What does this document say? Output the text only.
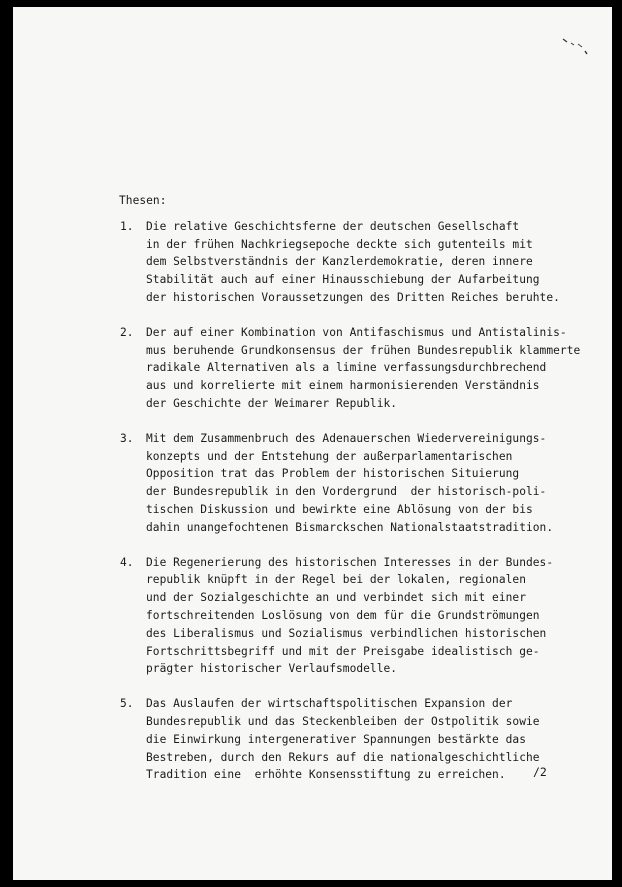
Thesen:
1. Die relative Geschichtsferne der deutschen Gesellschaft
in der frühen Nachkriegsepoche deckte sich gutenteils mit
dem Selbstverständnis der Kanzlerdemokratie, deren innere
Stabilität auch auf einer Hinausschiebung der Aufarbeitung
der historischen Voraussetzungen des Dritten Reiches beruhte.
2. Der auf einer Kombination von Antifaschismus und Antistalinis-
mus beruhende Grundkonsensus der frühen Bundesrepublik klammerte
radikale Alternativen als a limine verfassungsdurchbrechend
aus und korrelierte mit einem harmonisierenden Verständnis
der Geschichte der Weimarer Republik.
3. Mit dem Zusammenbruch des Adenauerschen Wiedervereinigungs-
konzepts und der Entstehung der außerparlamentarischen
Opposition trat das Problem der historischen Situierung
der Bundesrepublik in den Vordergrund  der historisch-poli-
tischen Diskussion und bewirkte eine Ablösung von der bis
dahin unangefochtenen Bismarckschen Nationalstaatstradition.
4. Die Regenerierung des historischen Interesses in der Bundes-
republik knüpft in der Regel bei der lokalen, regionalen
und der Sozialgeschichte an und verbindet sich mit einer
fortschreitenden Loslösung von dem für die Grundströmungen
des Liberalismus und Sozialismus verbindlichen historischen
Fortschrittsbegriff und mit der Preisgabe idealistisch ge-
prägter historischer Verlaufsmodelle.
5. Das Auslaufen der wirtschaftspolitischen Expansion der
Bundesrepublik und das Steckenbleiben der Ostpolitik sowie
die Einwirkung intergenerativer Spannungen bestärkte das
Bestreben, durch den Rekurs auf die nationalgeschichtliche
Tradition eine  erhöhte Konsensstiftung zu erreichen.	/2
